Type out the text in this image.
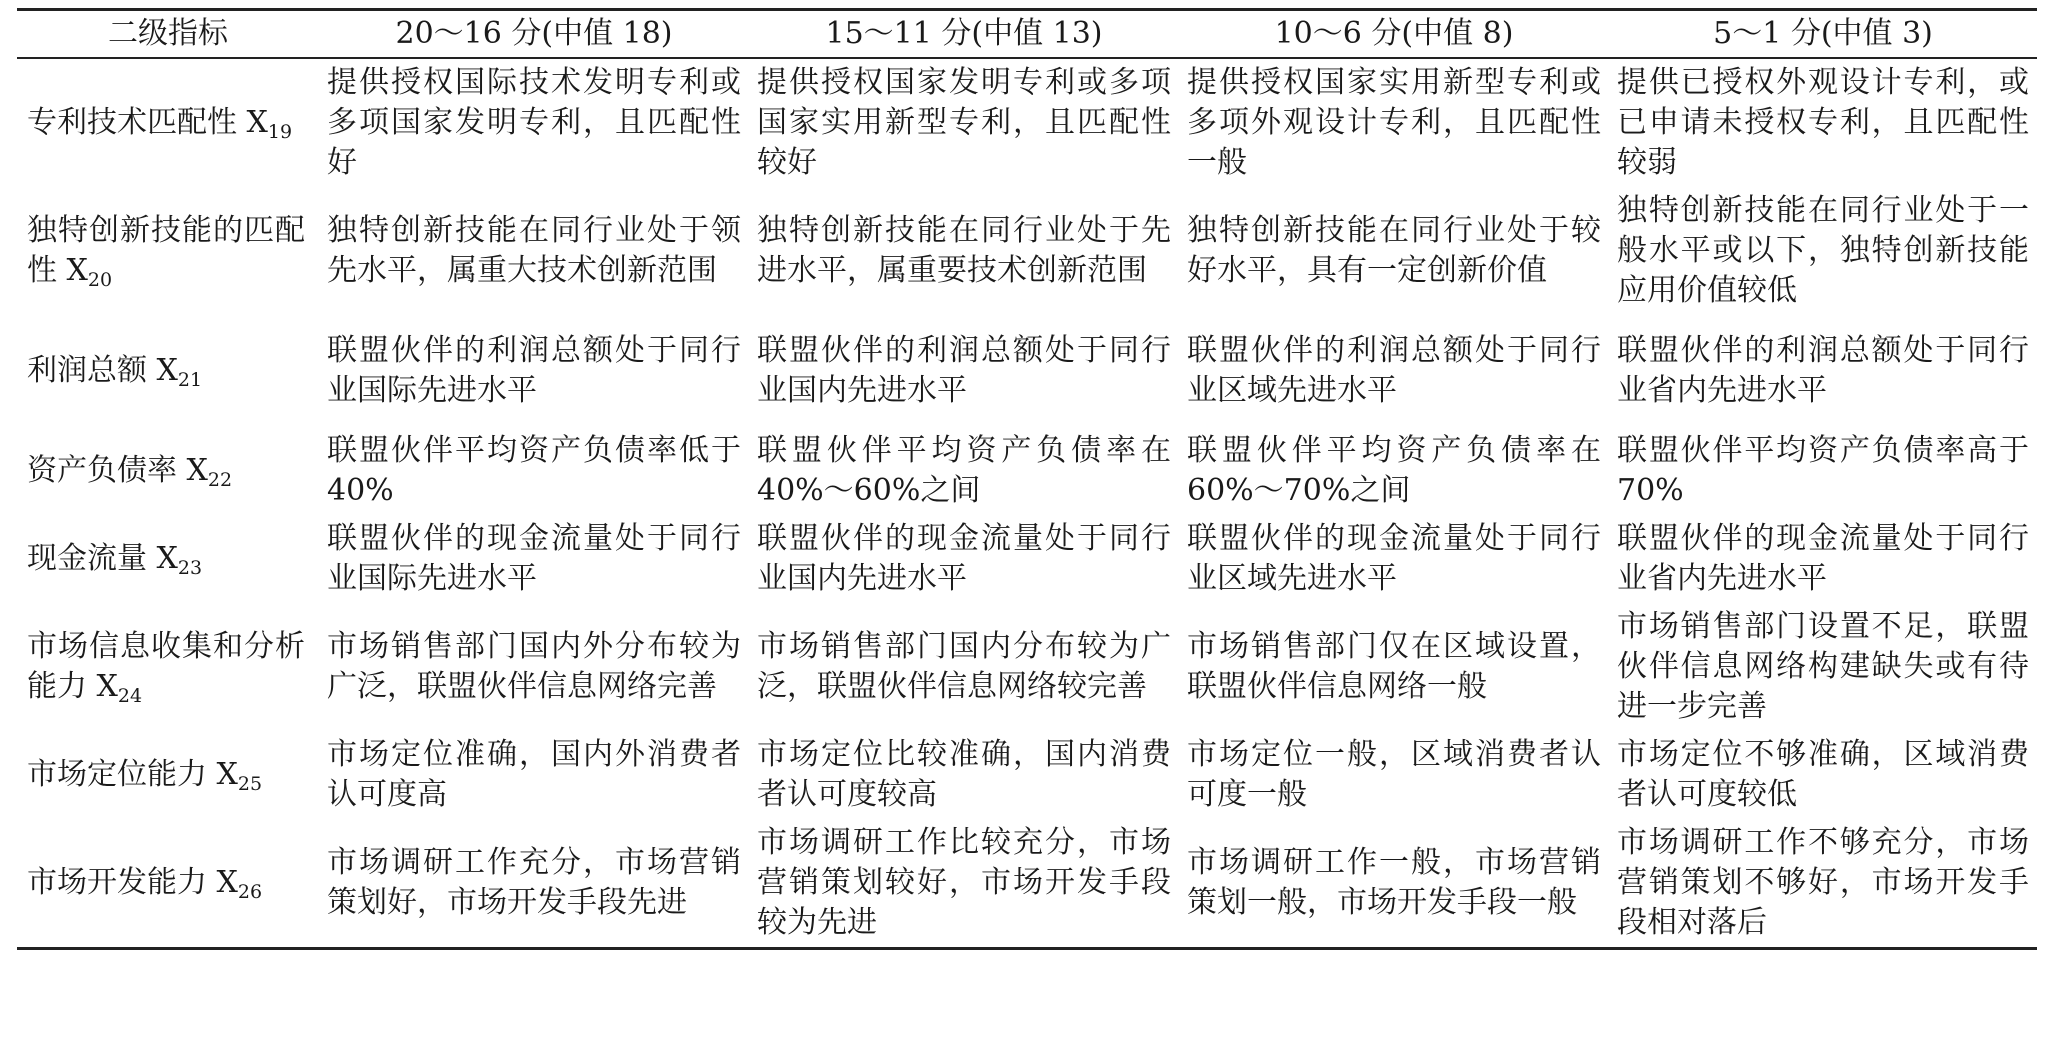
二级指标	20～16 分(中值 18)	15～11 分(中值 13)	10～6 分(中值 8)	5～1 分(中值 3)
专利技术匹配性 $X_{19}$	提供授权国际技术发明专利或多项国家发明专利，且匹配性好	提供授权国家发明专利或多项国家实用新型专利，且匹配性较好	提供授权国家实用新型专利或多项外观设计专利，且匹配性一般	提供已授权外观设计专利，或已申请未授权专利，且匹配性较弱
独特创新技能的匹配性 $X_{20}$	独特创新技能在同行业处于领先水平，属重大技术创新范围	独特创新技能在同行业处于先进水平，属重要技术创新范围	独特创新技能在同行业处于较好水平，具有一定创新价值	独特创新技能在同行业处于一般水平或以下，独特创新技能应用价值较低
利润总额 $X_{21}$	联盟伙伴的利润总额处于同行业国际先进水平	联盟伙伴的利润总额处于同行业国内先进水平	联盟伙伴的利润总额处于同行业区域先进水平	联盟伙伴的利润总额处于同行业省内先进水平
资产负债率 $X_{22}$	联盟伙伴平均资产负债率低于 40%	联盟伙伴平均资产负债率在 40%～60%之间	联盟伙伴平均资产负债率在 60%～70%之间	联盟伙伴平均资产负债率高于 70%
现金流量 $X_{23}$	联盟伙伴的现金流量处于同行业国际先进水平	联盟伙伴的现金流量处于同行业国内先进水平	联盟伙伴的现金流量处于同行业区域先进水平	联盟伙伴的现金流量处于同行业省内先进水平
市场信息收集和分析能力 $X_{24}$	市场销售部门国内外分布较为广泛，联盟伙伴信息网络完善	市场销售部门国内分布较为广泛，联盟伙伴信息网络较完善	市场销售部门仅在区域设置，联盟伙伴信息网络一般	市场销售部门设置不足，联盟伙伴信息网络构建缺失或有待进一步完善
市场定位能力 $X_{25}$	市场定位准确，国内外消费者认可度高	市场定位比较准确，国内消费者认可度较高	市场定位一般，区域消费者认可度一般	市场定位不够准确，区域消费者认可度较低
市场开发能力 $X_{26}$	市场调研工作充分，市场营销策划好，市场开发手段先进	市场调研工作比较充分，市场营销策划较好，市场开发手段较为先进	市场调研工作一般，市场营销策划一般，市场开发手段一般	市场调研工作不够充分，市场营销策划不够好，市场开发手段相对落后
